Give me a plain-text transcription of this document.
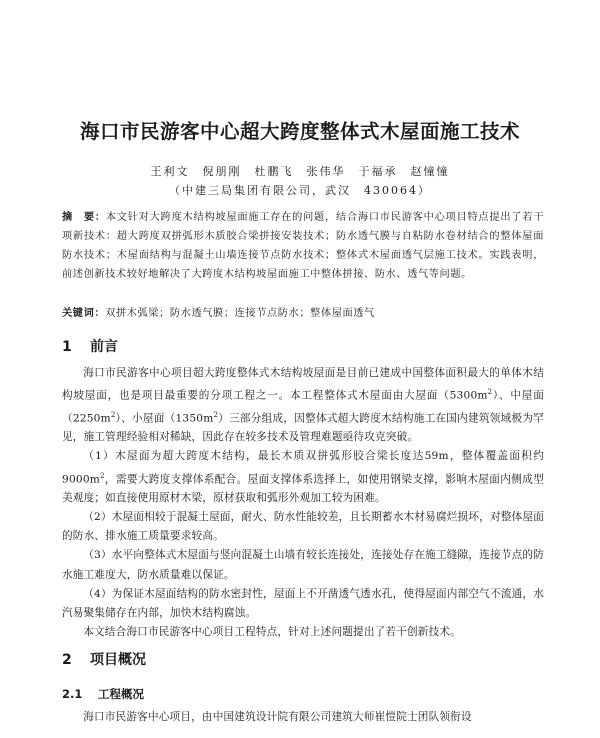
海口市民游客中心超大跨度整体式木屋面施工技术
王利文　倪朋刚　杜鹏飞　张伟华　于福承　赵憧憧
（中建三局集团有限公司，武汉　430064）
摘　要：本文针对大跨度木结构坡屋面施工存在的问题，结合海口市民游客中心项目特点提出了若干项新技术：超大跨度双拼弧形木质胶合梁拼接安装技术；防水透气膜与自粘防水卷材结合的整体屋面防水技术；木屋面结构与混凝土山墙连接节点防水技术；整体式木屋面透气层施工技术。实践表明，前述创新技术较好地解决了大跨度木结构坡屋面施工中整体拼接、防水、透气等问题。
关键词：双拼木弧梁；防水透气膜；连接节点防水；整体屋面透气
1 前言

海口市民游客中心项目超大跨度整体式木结构坡屋面是目前已建成中国整体面积最大的单体木结构坡屋面，也是项目最重要的分项工程之一。本工程整体式木屋面由大屋面$(5300m^2)$、中屋面$(2250m^2)$、小屋面$(1350m^2)$三部分组成，因整体式超大跨度木结构施工在国内建筑领域极为罕见，施工管理经验相对稀缺，因此存在较多技术及管理难题亟待攻克突破。

（1）木屋面为超大跨度木结构，最长木质双拼弧形胶合梁长度达59m，整体覆盖面积约$9000m^2$，需要大跨度支撑体系配合。屋面支撑体系选择上，如使用钢梁支撑，影响木屋面内侧成型美观度；如直接使用原材木梁，原材获取和弧形外观加工较为困难。

（2）木屋面相较于混凝土屋面，耐火、防水性能较差，且长期蓄水木材易腐烂损坏，对整体屋面的防水、排水施工质量要求较高。

（3）水平向整体式木屋面与竖向混凝土山墙有较长连接处，连接处存在施工缝隙，连接节点的防水施工难度大，防水质量难以保证。

（4）为保证木屋面结构的防水密封性，屋面上不开凿透气透水孔，使得屋面内部空气不流通，水汽易聚集储存在内部，加快木结构腐蚀。

本文结合海口市民游客中心项目工程特点，针对上述问题提出了若干创新技术。

2 项目概况
2.1 工程概况

海口市民游客中心项目，由中国建筑设计院有限公司建筑大师崔愷院士团队领衔设
